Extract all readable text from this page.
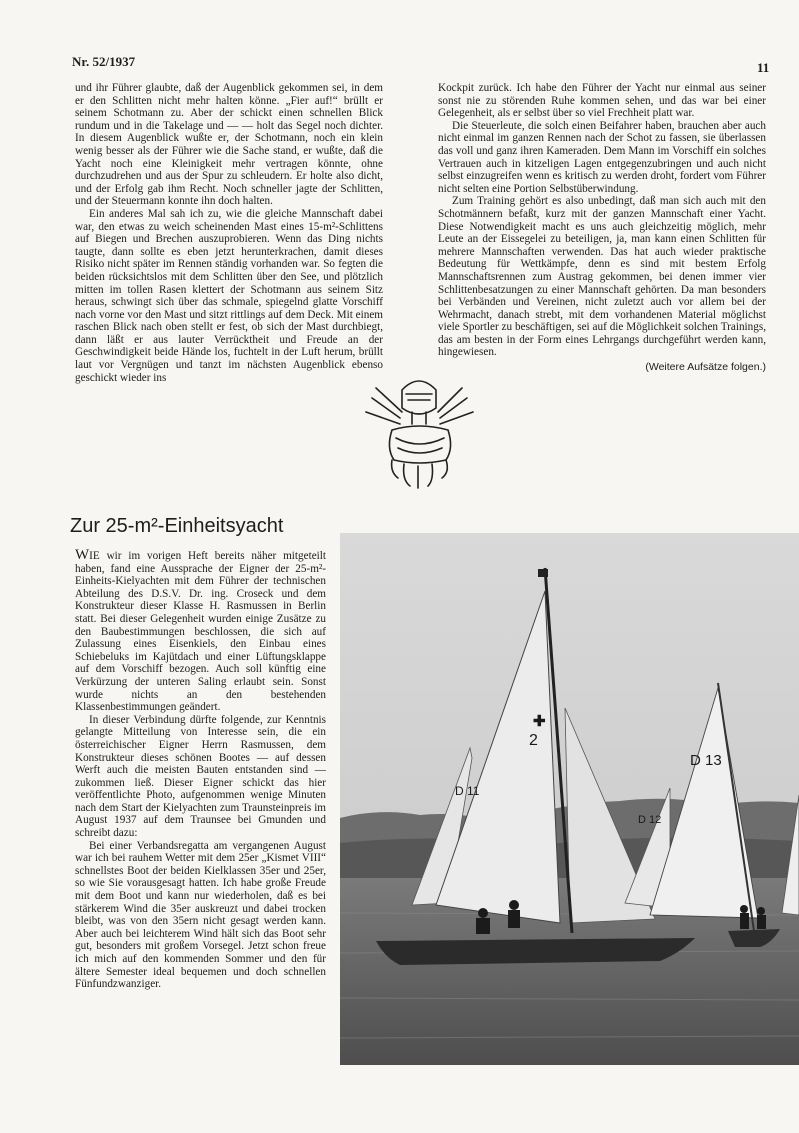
Nr. 52/1937	11

und ihr Führer glaubte, daß der Augenblick gekommen sei, in dem er den Schlitten nicht mehr halten könne. „Fier auf!“ brüllt er seinem Schotmann zu. Aber der schickt einen schnellen Blick rundum und in die Takelage und — — holt das Segel noch dichter. In diesem Augenblick wußte er, der Schotmann, noch ein klein wenig besser als der Führer wie die Sache stand, er wußte, daß die Yacht noch eine Kleinigkeit mehr vertragen könnte, ohne durchzudrehen und aus der Spur zu schleudern. Er holte also dicht, und der Erfolg gab ihm Recht. Noch schneller jagte der Schlitten, und der Steuermann konnte ihn doch halten.

Ein anderes Mal sah ich zu, wie die gleiche Mannschaft dabei war, den etwas zu weich scheinenden Mast eines 15-m²-Schlittens auf Biegen und Brechen auszuprobieren. Wenn das Ding nichts taugte, dann sollte es eben jetzt herunterkrachen, damit dieses Risiko nicht später im Rennen ständig vorhanden war. So fegten die beiden rücksichtslos mit dem Schlitten über den See, und plötzlich mitten im tollen Rasen klettert der Schotmann aus seinem Sitz heraus, schwingt sich über das schmale, spiegelnd glatte Vorschiff nach vorne vor den Mast und sitzt rittlings auf dem Deck. Mit einem raschen Blick nach oben stellt er fest, ob sich der Mast durchbiegt, dann läßt er aus lauter Verrücktheit und Freude an der Geschwindigkeit beide Hände los, fuchtelt in der Luft herum, brüllt laut vor Vergnügen und tanzt im nächsten Augenblick ebenso geschickt wieder ins

Kockpit zurück. Ich habe den Führer der Yacht nur einmal aus seiner sonst nie zu störenden Ruhe kommen sehen, und das war bei einer Gelegenheit, als er selbst über so viel Frechheit platt war.

Die Steuerleute, die solch einen Beifahrer haben, brauchen aber auch nicht einmal im ganzen Rennen nach der Schot zu fassen, sie überlassen das voll und ganz ihren Kameraden. Dem Mann im Vorschiff ein solches Vertrauen auch in kitzeligen Lagen entgegenzubringen und auch nicht selbst einzugreifen wenn es kritisch zu werden droht, fordert vom Führer nicht selten eine Portion Selbstüberwindung.

Zum Training gehört es also unbedingt, daß man sich auch mit den Schotmännern befaßt, kurz mit der ganzen Mannschaft einer Yacht. Diese Notwendigkeit macht es uns auch gleichzeitig möglich, mehr Leute an der Eissegelei zu beteiligen, ja, man kann einen Schlitten für mehrere Mannschaften verwenden. Das hat auch wieder praktische Bedeutung für Wettkämpfe, denn es sind mit bestem Erfolg Mannschaftsrennen zum Austrag gekommen, bei denen immer vier Schlittenbesatzungen zu einer Mannschaft gehörten. Da man besonders bei Verbänden und Vereinen, nicht zuletzt auch vor allem bei der Wehrmacht, danach strebt, mit dem vorhandenen Material möglichst viele Sportler zu beschäftigen, sei auf die Möglichkeit solchen Trainings, das am besten in der Form eines Lehrgangs durchgeführt werden kann, hingewiesen.

(Weitere Aufsätze folgen.)
Zur 25-m²-Einheitsyacht

WIE wir im vorigen Heft bereits näher mitgeteilt haben, fand eine Aussprache der Eigner der 25-m²-Einheits-Kielyachten mit dem Führer der technischen Abteilung des D.S.V. Dr. ing. Croseck und dem Konstrukteur dieser Klasse H. Rasmussen in Berlin statt. Bei dieser Gelegenheit wurden einige Zusätze zu den Baubestimmungen beschlossen, die sich auf Zulassung eines Eisenkiels, den Einbau eines Schiebeluks im Kajütdach und einer Lüftungsklappe auf dem Vorschiff bezogen. Auch soll künftig eine Verkürzung der unteren Saling erlaubt sein. Sonst wurde nichts an den bestehenden Klassenbestimmungen geändert.

In dieser Verbindung dürfte folgende, zur Kenntnis gelangte Mitteilung von Interesse sein, die ein österreichischer Eigner Herrn Rasmussen, dem Konstrukteur dieses schönen Bootes — auf dessen Werft auch die meisten Bauten entstanden sind — zukommen ließ. Dieser Eigner schickt das hier veröffentlichte Photo, aufgenommen wenige Minuten nach dem Start der Kielyachten zum Traunsteinpreis im August 1937 auf dem Traunsee bei Gmunden und schreibt dazu:

Bei einer Verbandsregatta am vergangenen August war ich bei rauhem Wetter mit dem 25er „Kismet VIII“ schnellstes Boot der beiden Kielklassen 35er und 25er, so wie Sie vorausgesagt hatten. Ich habe große Freude mit dem Boot und kann nur wiederholen, daß es bei stärkerem Wind die 35er auskreuzt und dabei trocken bleibt, was von den 35ern nicht gesagt werden kann. Aber auch bei leichterem Wind hält sich das Boot sehr gut, besonders mit großem Vorsegel. Jetzt schon freue ich mich auf den kommenden Sommer und den für ältere Semester ideal bequemen und doch schnellen Fünfundzwanziger.

✚
2
D 11
D 12
D 13
